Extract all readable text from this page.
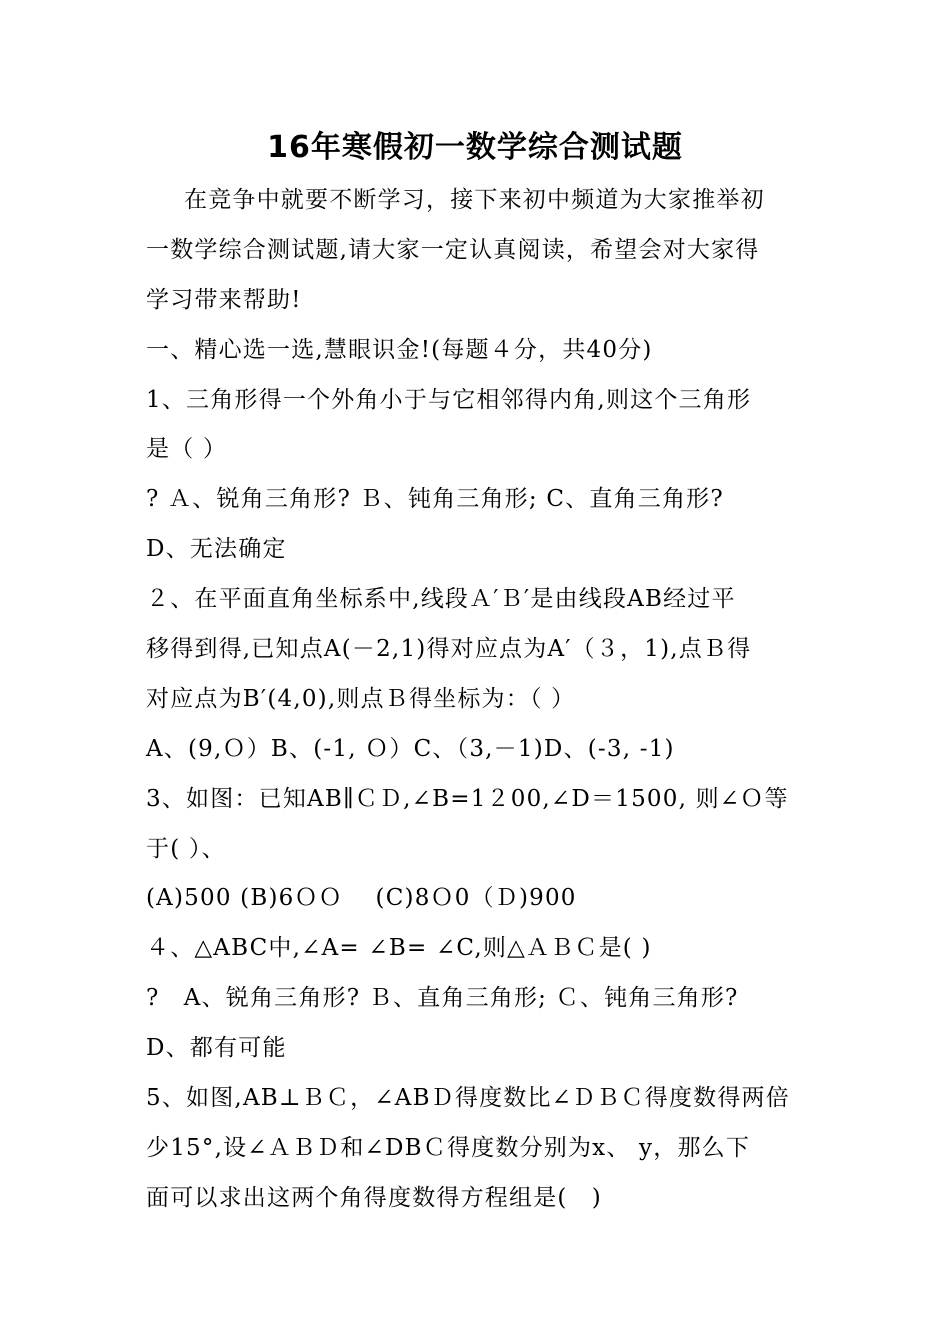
16年寒假初一数学综合测试题
在竞争中就要不断学习，接下来初中频道为大家推举初
一数学综合测试题,请大家一定认真阅读，希望会对大家得
学习带来帮助!
一、精心选一选,慧眼识金!(每题４分，共40分)
1、三角形得一个外角小于与它相邻得内角,则这个三角形
是（ ）
? Ａ、锐角三角形? Ｂ、钝角三角形; C、直角三角形?
D、无法确定
２、在平面直角坐标系中,线段Ａ′Ｂ′是由线段AB经过平
移得到得,已知点A(－2,1)得对应点为A′（３，1),点Ｂ得
对应点为B′(4,0),则点Ｂ得坐标为：（ ）
A、(9,Ｏ）B、(-1, Ｏ）C、（3,－1)D、(-3, -1)
3、如图：已知AB∥ＣＤ,∠B=1２00,∠D＝1500, 则∠Ｏ等
于( ）、
(A)500 (B)6ＯＯ　 (C)8Ｏ0（Ｄ)900
４、△ABC中,∠A= ∠B= ∠C,则△ＡＢＣ是( )
?　A、锐角三角形? Ｂ、直角三角形; Ｃ、钝角三角形?
D、都有可能
5、如图,AB⊥ＢＣ，∠ABＤ得度数比∠ＤＢＣ得度数得两倍
少15°,设∠ＡＢＤ和∠DBＣ得度数分别为x、 y，那么下
面可以求出这两个角得度数得方程组是(　)
